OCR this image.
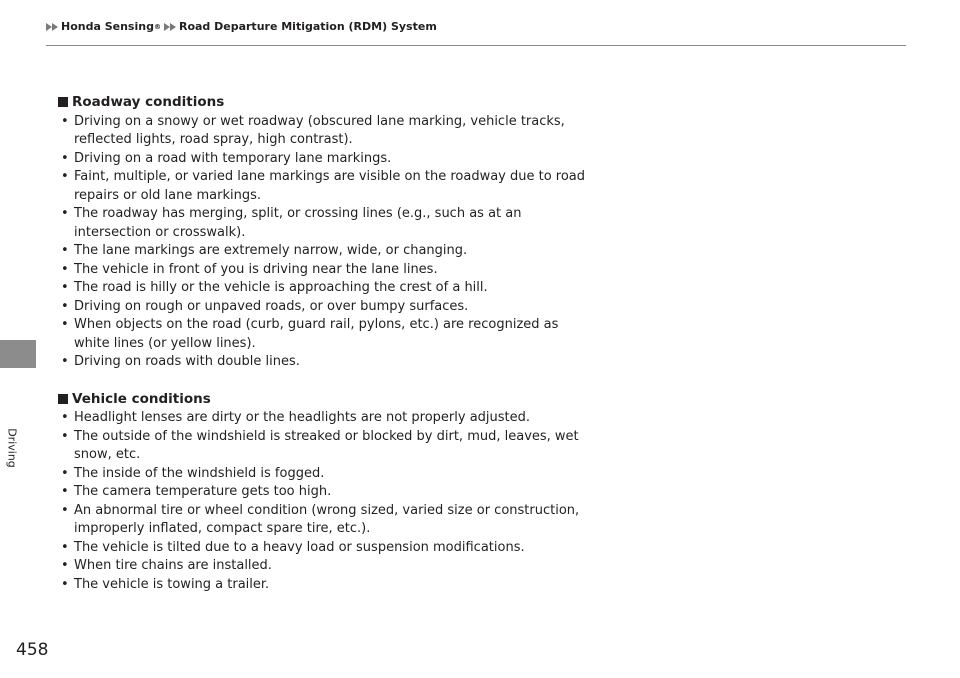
Honda Sensing ® Road Departure Mitigation (RDM) System
Driving
Roadway conditions
• Driving on a snowy or wet roadway (obscured lane marking, vehicle tracks, reflected lights, road spray, high contrast).
• Driving on a road with temporary lane markings.
• Faint, multiple, or varied lane markings are visible on the roadway due to road repairs or old lane markings.
• The roadway has merging, split, or crossing lines (e.g., such as at an intersection or crosswalk).
• The lane markings are extremely narrow, wide, or changing.
• The vehicle in front of you is driving near the lane lines.
• The road is hilly or the vehicle is approaching the crest of a hill.
• Driving on rough or unpaved roads, or over bumpy surfaces.
• When objects on the road (curb, guard rail, pylons, etc.) are recognized as white lines (or yellow lines).
• Driving on roads with double lines.
Vehicle conditions
• Headlight lenses are dirty or the headlights are not properly adjusted.
• The outside of the windshield is streaked or blocked by dirt, mud, leaves, wet snow, etc.
• The inside of the windshield is fogged.
• The camera temperature gets too high.
• An abnormal tire or wheel condition (wrong sized, varied size or construction, improperly inflated, compact spare tire, etc.).
• The vehicle is tilted due to a heavy load or suspension modifications.
• When tire chains are installed.
• The vehicle is towing a trailer.
458
